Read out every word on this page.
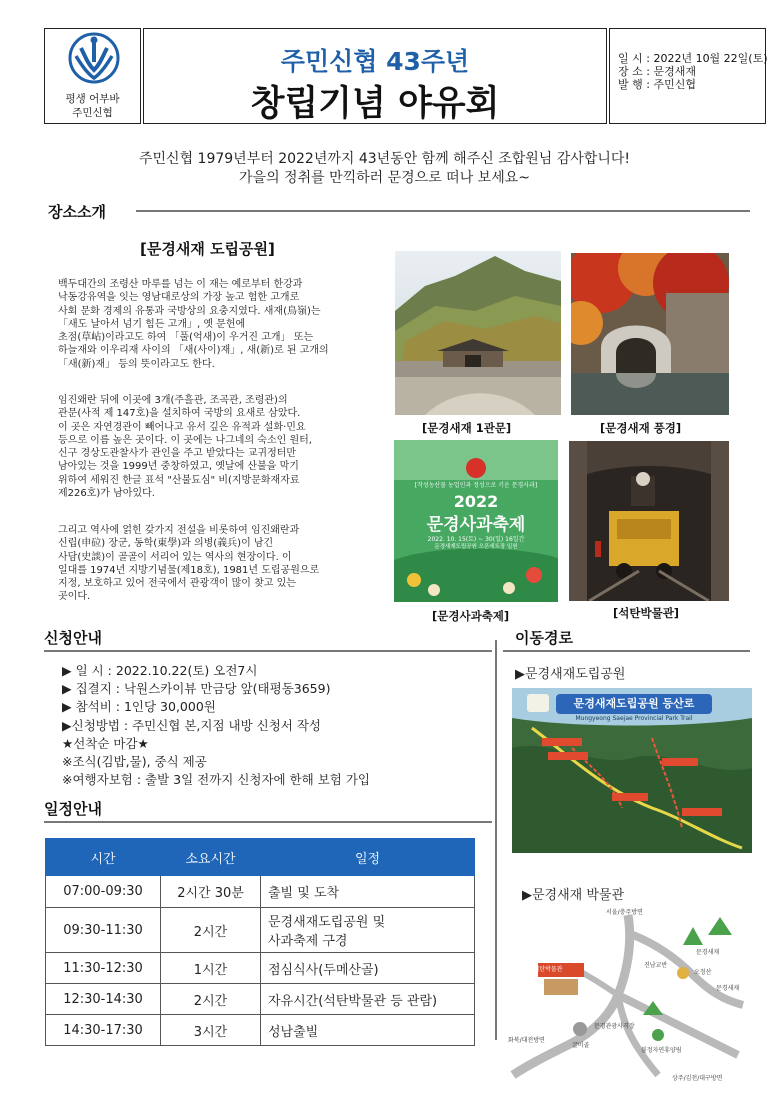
평생 어부바
주민신협
주민신협 43주년
창립기념 야유회
일 시 : 2022년 10월 22일(토)
장 소 : 문경새재
발 행 : 주민신협
주민신협 1979년부터 2022년까지 43년동안 함께 해주신 조합원님 감사합니다!
가을의 정취를 만끽하러 문경으로 떠나 보세요~
장소소개
[문경새재 도립공원]
백두대간의 조령산 마루를 넘는 이 재는 예로부터 한강과
낙동강유역을 잇는 영남대로상의 가장 높고 험한 고개로
사회 문화 경제의 유통과 국방상의 요충지였다. 새재(鳥嶺)는
「새도 날아서 넘기 힘든 고개」, 옛 문헌에
초점(草岾)이라고도 하여 「풀(억새)이 우거진 고개」 또는
하늘재와 이우리재 사이의 「새(사이)재」, 새(新)로 된 고개의
「새(新)재」 등의 뜻이라고도 한다.
임진왜란 뒤에 이곳에 3개(주흘관, 조곡관, 조령관)의
관문(사적 제 147호)을 설치하여 국방의 요새로 삼았다.
이 곳은 자연경관이 빼어나고 유서 깊은 유적과 설화·민요
등으로 이름 높은 곳이다. 이 곳에는 나그네의 숙소인 원터,
신구 경상도관찰사가 관인을 주고 받았다는 교귀정터만
남아있는 것을 1999년 중창하였고, 옛날에 산불을 막기
위하여 세워진 한글 표석 "산불됴심" 비(지방문화재자료
제226호)가 남아있다.
그리고 역사에 얽힌 갖가지 전설을 비롯하여 임진왜란과
신립(申砬) 장군, 동학(東學)과 의병(義兵)이 남긴
사담(史談)이 골골이 서리어 있는 역사의 현장이다. 이
일대를 1974년 지방기념물(제18호), 1981년 도립공원으로
지정, 보호하고 있어 전국에서 관광객이 많이 찾고 있는
곳이다.
[문경새재 1관문]	[문경새재 풍경]
[작성농산물 농업인과 정성으로 키운 문경사과]
2022
문경사과축제
2022. 10. 15(토) ~ 30(일) 16일간
문경새재도립공원 오픈세트장 일원
[문경사과축제]	[석탄박물관]
신청안내
▶ 일 시 : 2022.10.22(토) 오전7시
▶ 집결지 : 낙원스카이뷰 만금당 앞(태평동3659)
▶ 참석비 : 1인당 30,000원
▶신청방법 : 주민신협 본,지점 내방 신청서 작성
★선착순 마감★
※조식(김밥,물), 중식 제공
※여행자보험 : 출발 3일 전까지 신청자에 한해 보험 가입
일정안내
시간	소요시간	일정
07:00-09:30	2시간 30분	출빌 및 도착
09:30-11:30	2시간	문경새재도립공원 및
사과축제 구경

11:30-12:30	1시간	점심식사(두메산골)
12:30-14:30	2시간	자유시간(석탄박물관 등 관람)
14:30-17:30	3시간	성남출빌
이동경로
▶문경새재도립공원
문경새재도립공원 등산로
Mungyeong Saejae Provincial Park Trail
▶문경새재 박물관
서울/충주방면
석탄박물관
문경새재
진남교반
오정산
문경새재
문경관광사격장
굴미골
불정자연휴양림
화북/대전방면
상주/김천/대구방면
